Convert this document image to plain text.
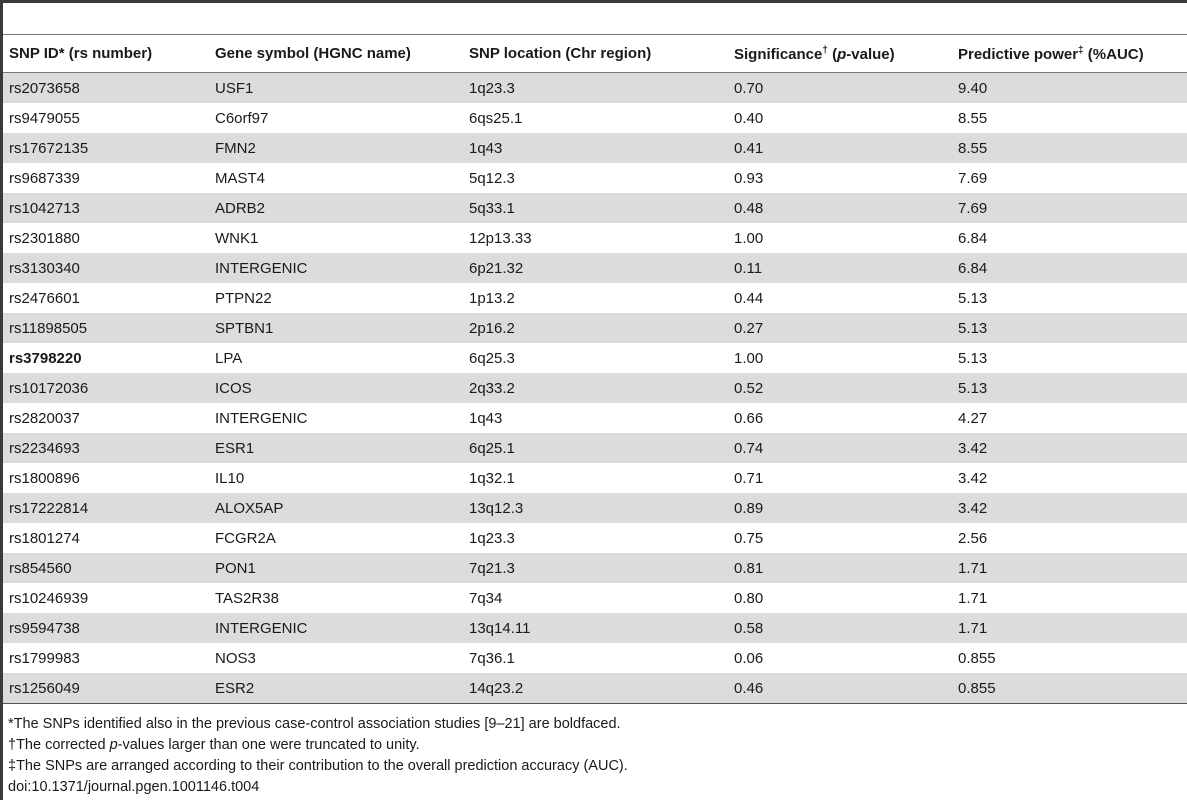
SNP ID* (rs number)	Gene symbol (HGNC name)	SNP location (Chr region)	Significance† (p-value)	Predictive power‡ (%AUC)
rs2073658	USF1	1q23.3	0.70	9.40
rs9479055	C6orf97	6qs25.1	0.40	8.55
rs17672135	FMN2	1q43	0.41	8.55
rs9687339	MAST4	5q12.3	0.93	7.69
rs1042713	ADRB2	5q33.1	0.48	7.69
rs2301880	WNK1	12p13.33	1.00	6.84
rs3130340	INTERGENIC	6p21.32	0.11	6.84
rs2476601	PTPN22	1p13.2	0.44	5.13
rs11898505	SPTBN1	2p16.2	0.27	5.13
rs3798220	LPA	6q25.3	1.00	5.13
rs10172036	ICOS	2q33.2	0.52	5.13
rs2820037	INTERGENIC	1q43	0.66	4.27
rs2234693	ESR1	6q25.1	0.74	3.42
rs1800896	IL10	1q32.1	0.71	3.42
rs17222814	ALOX5AP	13q12.3	0.89	3.42
rs1801274	FCGR2A	1q23.3	0.75	2.56
rs854560	PON1	7q21.3	0.81	1.71
rs10246939	TAS2R38	7q34	0.80	1.71
rs9594738	INTERGENIC	13q14.11	0.58	1.71
rs1799983	NOS3	7q36.1	0.06	0.855
rs1256049	ESR2	14q23.2	0.46	0.855
*The SNPs identified also in the previous case-control association studies [9–21] are boldfaced.
†The corrected p-values larger than one were truncated to unity.
‡The SNPs are arranged according to their contribution to the overall prediction accuracy (AUC).
doi:10.1371/journal.pgen.1001146.t004
